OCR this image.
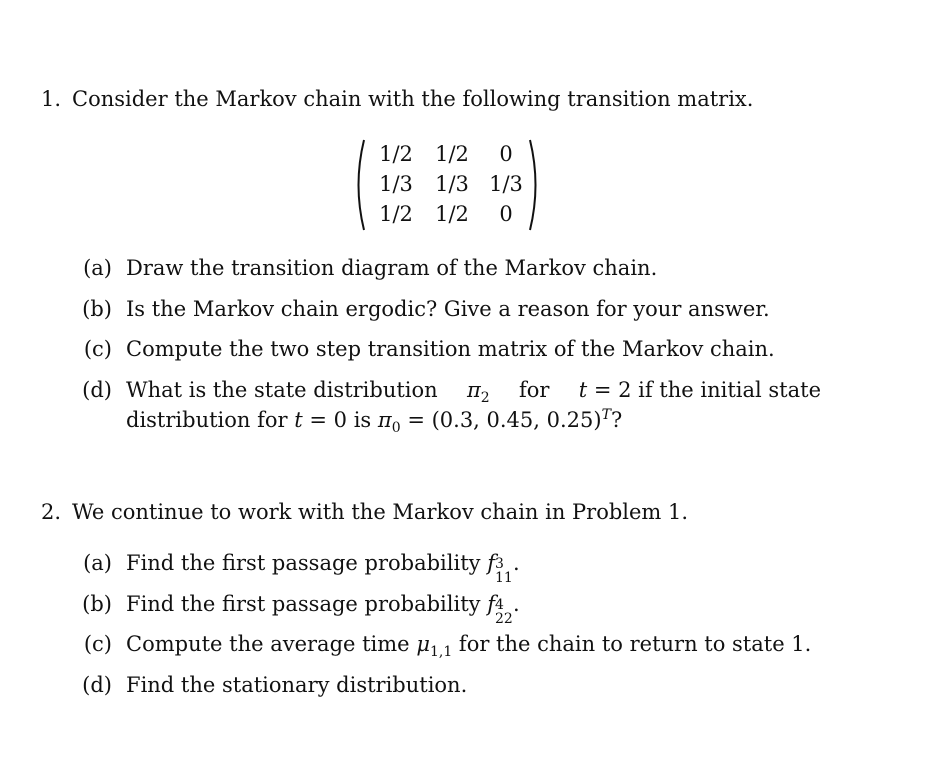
1. Consider the Markov chain with the following transition matrix.
1/2	1/2	0
1/3	1/3 1/3
1/2	1/2	0
(a) Draw the transition diagram of the Markov chain.
(b) Is the Markov chain ergodic? Give a reason for your answer.
(c) Compute the two step transition matrix of the Markov chain.
(d) What is the state distribution $\pi_2$ for t = 2 if the initial state
distribution for t = 0 is $\pi_0 = (0.3$, 0.45, 0.25)$^T$?
2. We continue to work with the Markov chain in Problem 1.
(a) Find the first passage probability f 3
11
.
(b) Find the first passage probability f 4
22
.
(c) Compute the average time $\mu_{1,1}$ for the chain to return to state 1.
(d) Find the stationary distribution.
